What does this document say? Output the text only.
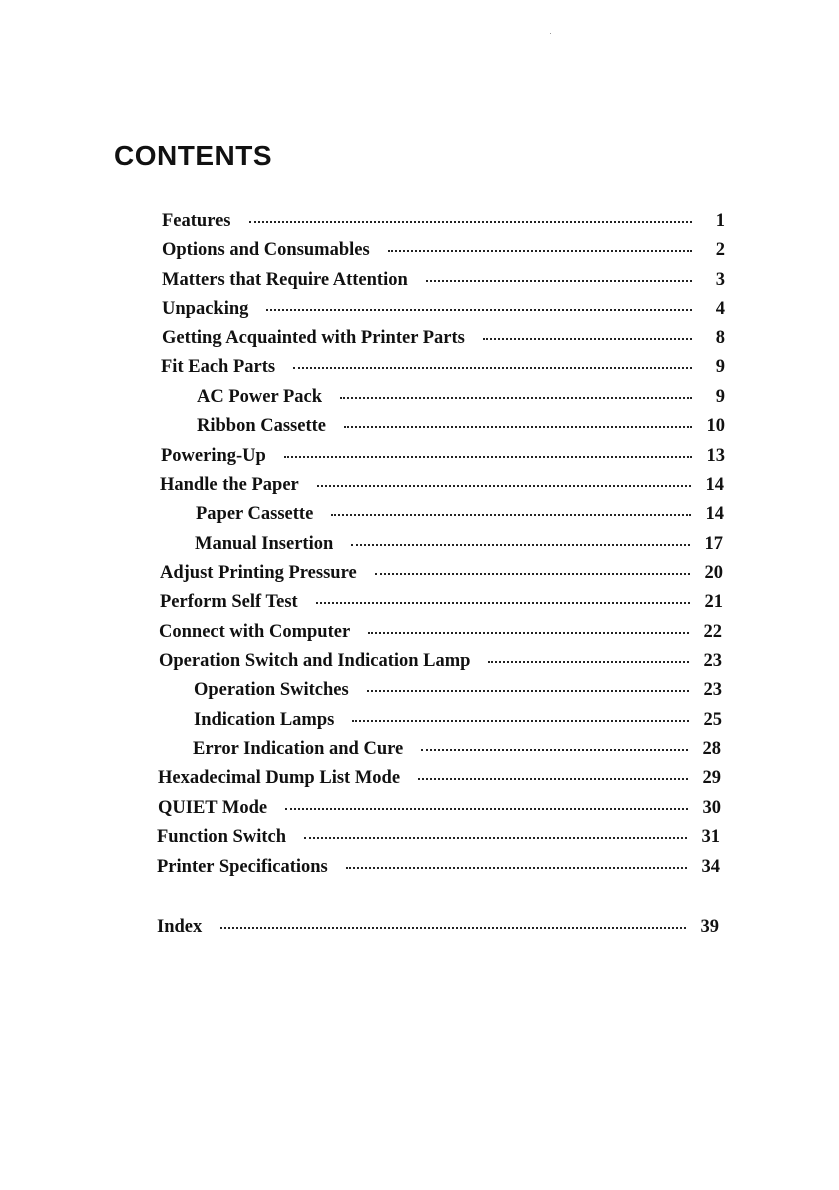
CONTENTS
Features	1
Options and Consumables	2
Matters that Require Attention	3
Unpacking	4
Getting Acquainted with Printer Parts	8
Fit Each Parts	9
AC Power Pack	9
Ribbon Cassette	10
Powering-Up	13
Handle the Paper	14
Paper Cassette	14
Manual Insertion	17
Adjust Printing Pressure	20
Perform Self Test	21
Connect with Computer	22
Operation Switch and Indication Lamp	23
Operation Switches	23
Indication Lamps	25
Error Indication and Cure	28
Hexadecimal Dump List Mode	29
QUIET Mode	30
Function Switch	31
Printer Specifications	34
Index	39
